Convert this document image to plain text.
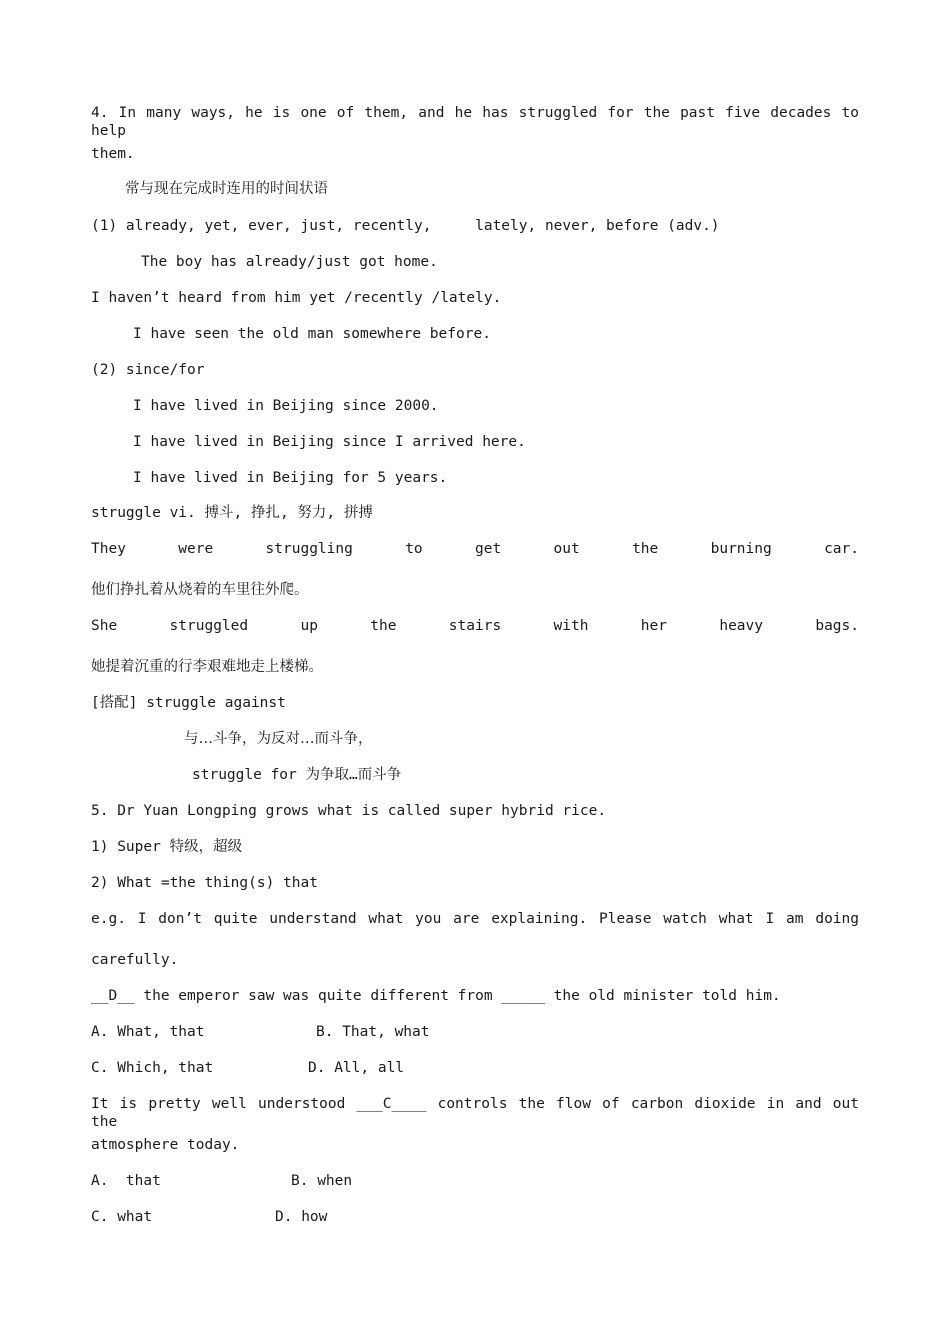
4. In many ways, he is one of them, and he has struggled for the past five decades to help
them.
常与现在完成时连用的时间状语
(1) already, yet, ever, just, recently,     lately, never, before (adv.)
The boy has already/just got home.
I haven’t heard from him yet /recently /lately.
I have seen the old man somewhere before.
(2) since/for
I have lived in Beijing since 2000.
I have lived in Beijing since I arrived here.
I have lived in Beijing for 5 years.
struggle vi. 搏斗, 挣扎, 努力, 拼搏
They were struggling to get out the burning car.
他们挣扎着从烧着的车里往外爬。
She struggled up the stairs with her heavy bags.
她提着沉重的行李艰难地走上楼梯。
[搭配] struggle against
与…斗争，为反对…而斗争，
struggle for 为争取…而斗争
5. Dr Yuan Longping grows what is called super hybrid rice.
1) Super 特级，超级
2) What =the thing(s) that
e.g. I don’t quite understand what you are explaining. Please watch what I am doing
carefully.
__D__ the emperor saw was quite different from _____ the old minister told him.
A. What, that	B. That, what
C. Which, that	D. All, all
It is pretty well understood ___C____ controls the flow of carbon dioxide in and out the
atmosphere today.
A.  that	B. when
C. what	D. how
